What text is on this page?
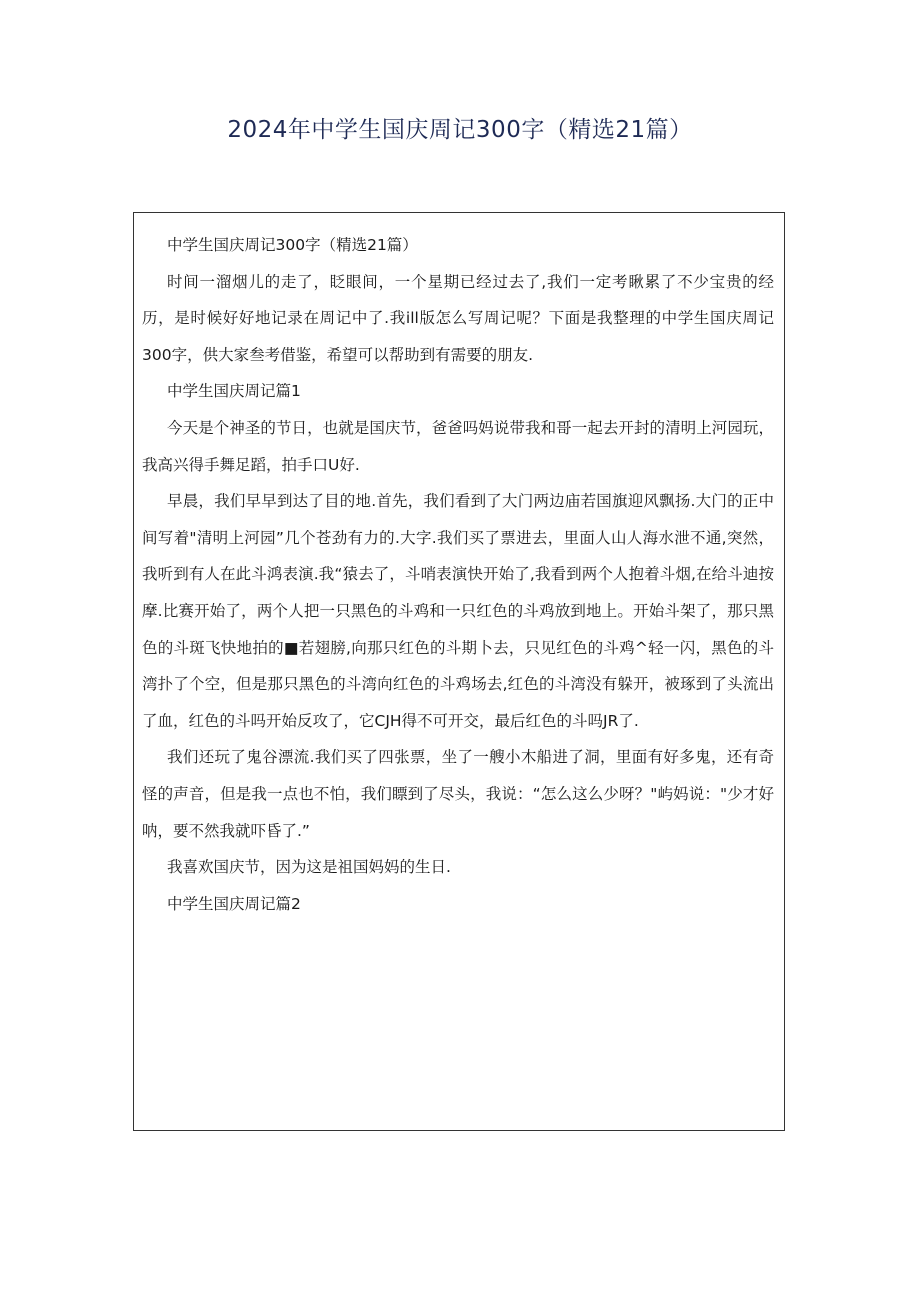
2024年中学生国庆周记300字（精选21篇）

中学生国庆周记300字（精选21篇）

时间一溜烟儿的走了，眨眼间，一个星期已经过去了,我们一定考瞅累了不少宝贵的经历，是时候好好地记录在周记中了.我ill版怎么写周记呢？下面是我整理的中学生国庆周记300字，供大家叁考借鉴，希望可以帮助到有需要的朋友.

中学生国庆周记篇1

今天是个神圣的节日，也就是国庆节，爸爸吗妈说带我和哥一起去开封的清明上河园玩，我高兴得手舞足蹈，拍手口U好.

早晨，我们早早到达了目的地.首先，我们看到了大门两边庙若国旗迎风飘扬.大门的正中间写着"清明上河园”几个苍劲有力的.大字.我们买了票进去，里面人山人海水泄不通,突然，我听到有人在此斗鸿表演.我“猿去了，斗哨表演快开始了,我看到两个人抱着斗烟,在给斗迪按摩.比赛开始了，两个人把一只黑色的斗鸡和一只红色的斗鸡放到地上。开始斗架了，那只黑色的斗斑飞快地拍的■若翅膀,向那只红色的斗期卜去，只见红色的斗鸡^轻一闪，黑色的斗湾扑了个空，但是那只黑色的斗湾向红色的斗鸡场去,红色的斗湾没有躲开，被琢到了头流出了血，红色的斗吗开始反攻了，它CJH得不可开交，最后红色的斗吗JR了.

我们还玩了鬼谷漂流.我们买了四张票，坐了一艘小木船进了洞，里面有好多鬼，还有奇怪的声音，但是我一点也不怕，我们瞟到了尽头，我说：“怎么这么少呀？"屿妈说："少才好呐，要不然我就吓昏了.”

我喜欢国庆节，因为这是祖国妈妈的生日.

中学生国庆周记篇2
